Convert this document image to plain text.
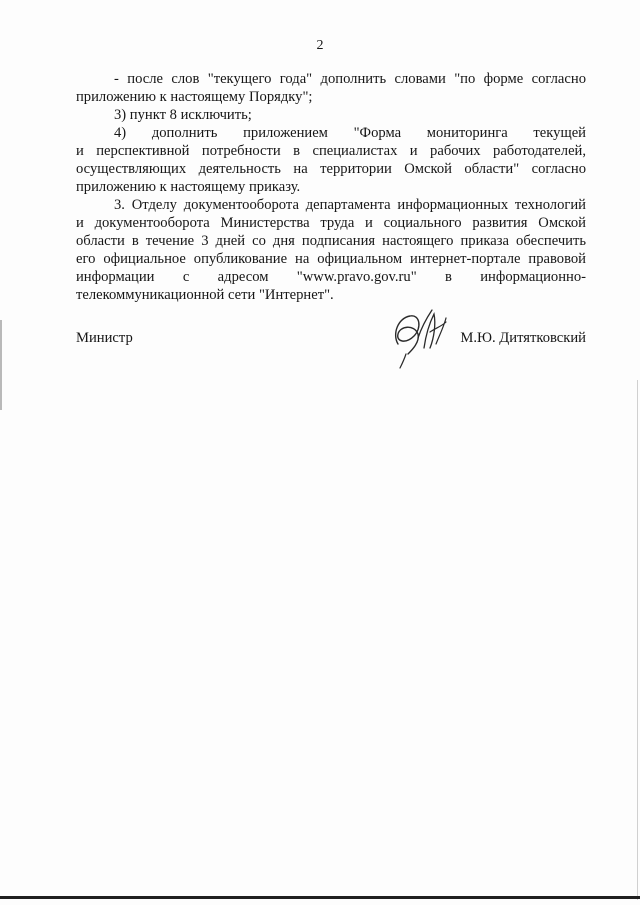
2
- после слов "текущего года" дополнить словами "по форме согласно
приложению к настоящему Порядку";
3) пункт 8 исключить;
4) дополнить приложением "Форма мониторинга текущей
и перспективной потребности в специалистах и рабочих работодателей,
осуществляющих деятельность на территории Омской области" согласно
приложению к настоящему приказу.
3. Отделу документооборота департамента информационных технологий
и документооборота Министерства труда и социального развития Омской
области в течение 3 дней со дня подписания настоящего приказа обеспечить
его официальное опубликование на официальном интернет-портале правовой
информации с адресом "www.pravo.gov.ru" в информационно-
телекоммуникационной сети "Интернет".
Министр	М.Ю. Дитятковский
